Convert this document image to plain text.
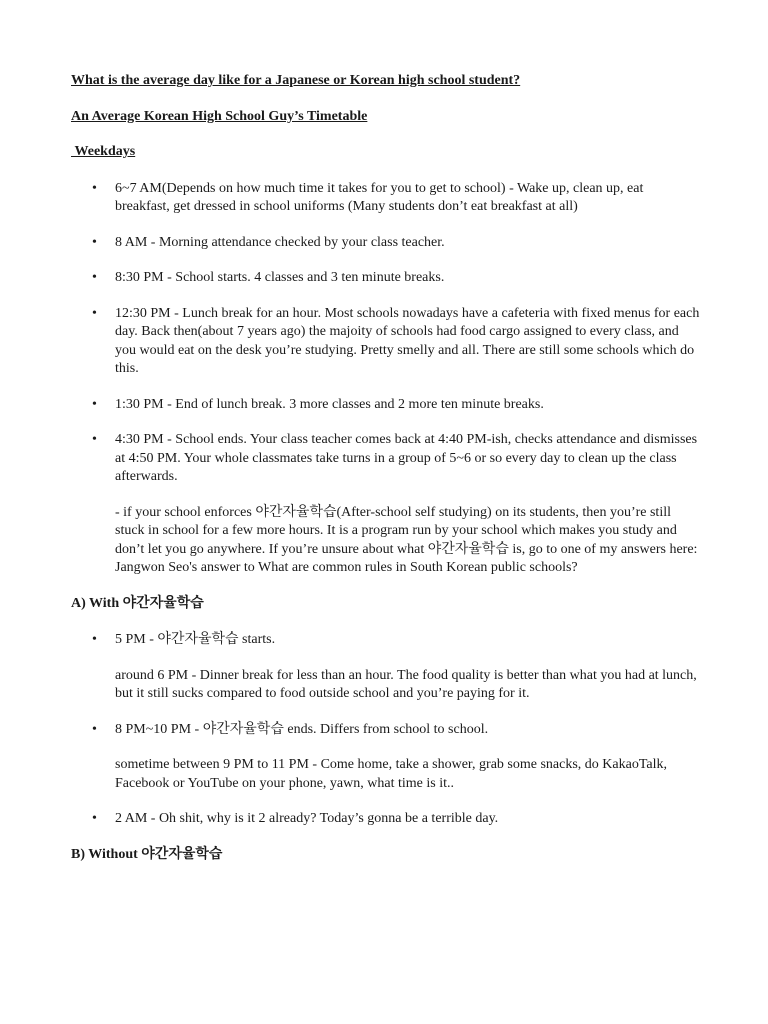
What is the average day like for a Japanese or Korean high school student?

An Average Korean High School Guy’s Timetable

Weekdays

• 6~7 AM(Depends on how much time it takes for you to get to school) - Wake up, clean up, eat breakfast, get dressed in school uniforms (Many students don’t eat breakfast at all)
• 8 AM - Morning attendance checked by your class teacher.
• 8:30 PM - School starts. 4 classes and 3 ten minute breaks.
• 12:30 PM - Lunch break for an hour. Most schools nowadays have a cafeteria with fixed menus for each day. Back then(about 7 years ago) the majoity of schools had food cargo assigned to every class, and you would eat on the desk you’re studying. Pretty smelly and all. There are still some schools which do this.
• 1:30 PM - End of lunch break. 3 more classes and 2 more ten minute breaks.
• 4:30 PM - School ends. Your class teacher comes back at 4:40 PM-ish, checks attendance and dismisses at 4:50 PM. Your whole classmates take turns in a group of 5~6 or so every day to clean up the class afterwards.

- if your school enforces 야간자율학습(After-school self studying) on its students, then you’re still stuck in school for a few more hours. It is a program run by your school which makes you study and don’t let you go anywhere. If you’re unsure about what 야간자율학습 is, go to one of my answers here: Jangwon Seo's answer to What are common rules in South Korean public schools?

A) With 야간자율학습

• 5 PM - 야간자율학습 starts.

around 6 PM - Dinner break for less than an hour. The food quality is better than what you had at lunch, but it still sucks compared to food outside school and you’re paying for it.

• 8 PM~10 PM - 야간자율학습 ends. Differs from school to school.

sometime between 9 PM to 11 PM - Come home, take a shower, grab some snacks, do KakaoTalk, Facebook or YouTube on your phone, yawn, what time is it..

• 2 AM - Oh shit, why is it 2 already? Today’s gonna be a terrible day.

B) Without 야간자율학습
